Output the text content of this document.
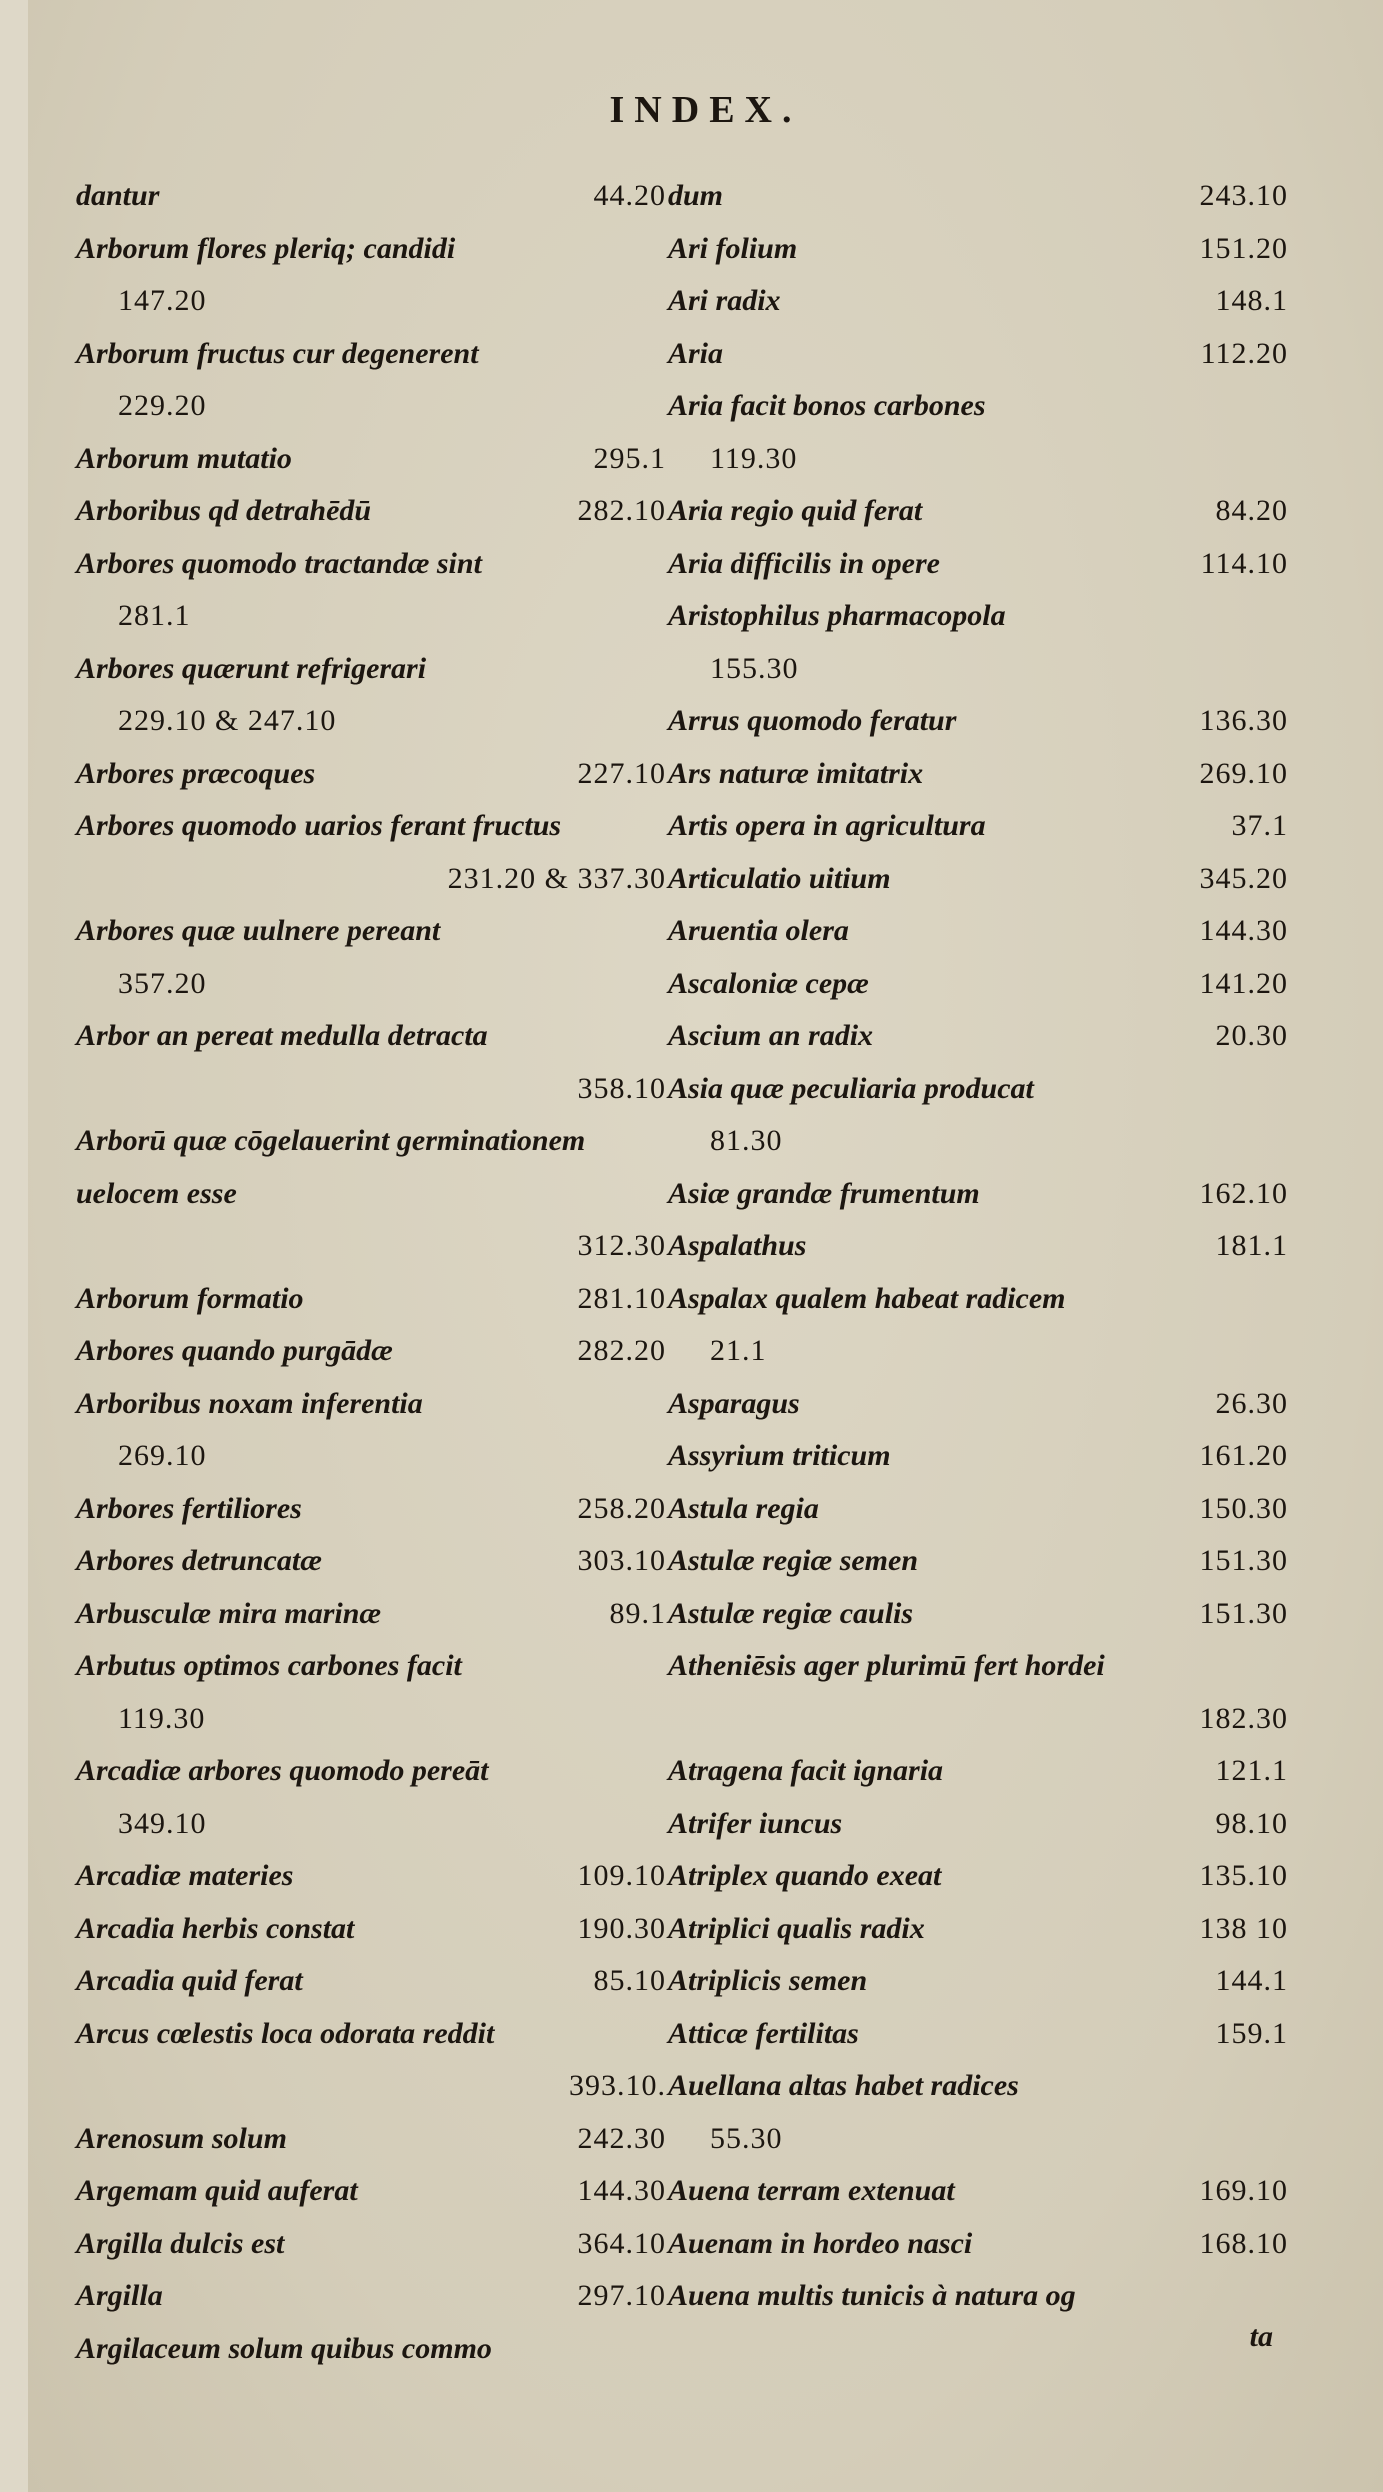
INDEX.
dantur	44.20
Arborum flores pleriq; candidi
147.20
Arborum fructus cur degenerent
229.20
Arborum mutatio	295.1
Arboribus qd detrahēdū	282.10
Arbores quomodo tractandæ sint
281.1
Arbores quærunt refrigerari
229.10 & 247.10
Arbores præcoques	227.10
Arbores quomodo uarios ferant fructus
231.20 & 337.30
Arbores quæ uulnere pereant
357.20
Arbor an pereat medulla detracta
358.10
Arborū quæ cōgelauerint germinationem uelocem esse
312.30
Arborum formatio	281.10
Arbores quando purgādæ	282.20
Arboribus noxam inferentia
269.10
Arbores fertiliores	258.20
Arbores detruncatæ	303.10
Arbusculæ mira marinæ	89.1
Arbutus optimos carbones facit
119.30
Arcadiæ arbores quomodo pereāt
349.10
Arcadiæ materies	109.10
Arcadia herbis constat	190.30
Arcadia quid ferat	85.10
Arcus cœlestis loca odorata reddit
393.10.
Arenosum solum	242.30
Argemam quid auferat	144.30
Argilla dulcis est	364.10
Argilla	297.10
Argilaceum solum quibus commo
dum	243.10
Ari folium	151.20
Ari radix	148.1
Aria	112.20
Aria facit bonos carbones
119.30
Aria regio quid ferat	84.20
Aria difficilis in opere	114.10
Aristophilus pharmacopola
155.30
Arrus quomodo feratur	136.30
Ars naturæ imitatrix	269.10
Artis opera in agricultura	37.1
Articulatio uitium	345.20
Aruentia olera	144.30
Ascaloniæ cepæ	141.20
Ascium an radix	20.30
Asia quæ peculiaria producat
81.30
Asiæ grandæ frumentum	162.10
Aspalathus	181.1
Aspalax qualem habeat radicem
21.1
Asparagus	26.30
Assyrium triticum	161.20
Astula regia	150.30
Astulæ regiæ semen	151.30
Astulæ regiæ caulis	151.30
Atheniēsis ager plurimū fert hordei
182.30
Atragena facit ignaria	121.1
Atrifer iuncus	98.10
Atriplex quando exeat	135.10
Atriplici qualis radix	138 10
Atriplicis semen	144.1
Atticæ fertilitas	159.1
Auellana altas habet radices
55.30
Auena terram extenuat	169.10
Auenam in hordeo nasci	168.10
Auena multis tunicis à natura og
ta
